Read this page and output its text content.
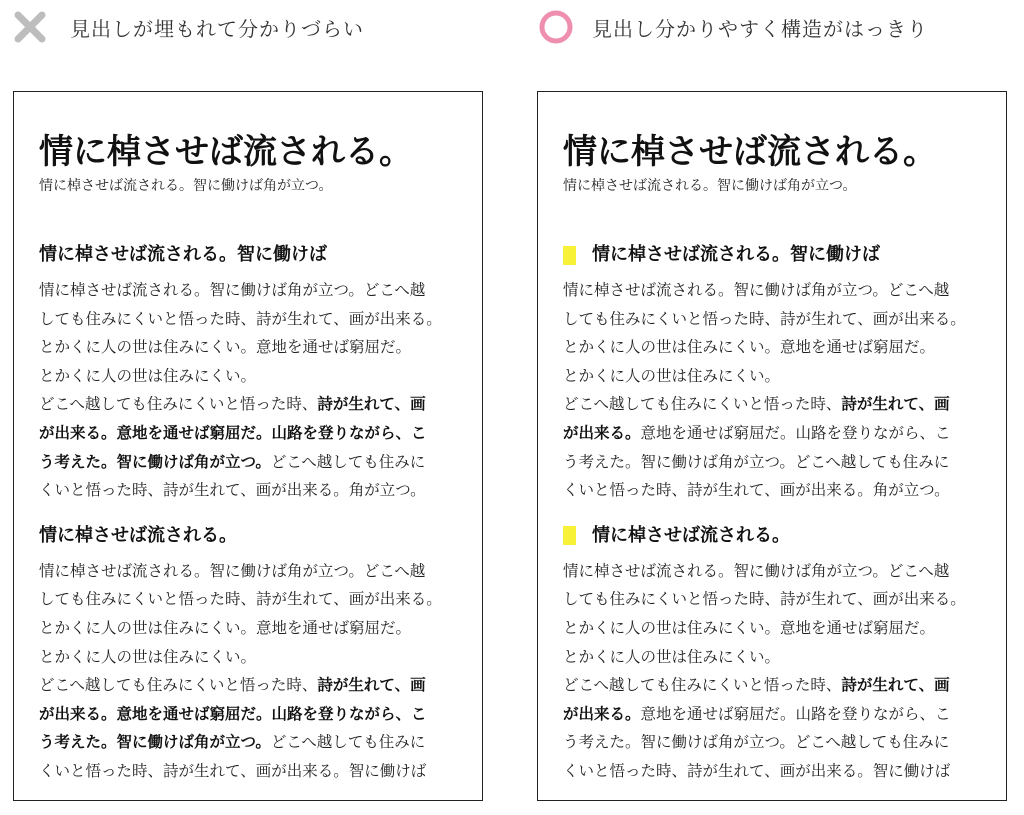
見出しが埋もれて分かりづらい	見出し分かりやすく構造がはっきり
情に棹させば流される。

情に棹させば流される。智に働けば角が立つ。

情に棹させば流される。智に働けば
情に棹させば流される。智に働けば角が立つ。どこへ越
しても住みにくいと悟った時、詩が生れて、画が出来る。
とかくに人の世は住みにくい。意地を通せば窮屈だ。
とかくに人の世は住みにくい。
どこへ越しても住みにくいと悟った時、詩が生れて、画
が出来る。意地を通せば窮屈だ。山路を登りながら、こ
う考えた。智に働けば角が立つ。どこへ越しても住みに
くいと悟った時、詩が生れて、画が出来る。角が立つ。
情に棹させば流される。
情に棹させば流される。智に働けば角が立つ。どこへ越
しても住みにくいと悟った時、詩が生れて、画が出来る。
とかくに人の世は住みにくい。意地を通せば窮屈だ。
とかくに人の世は住みにくい。
どこへ越しても住みにくいと悟った時、詩が生れて、画
が出来る。意地を通せば窮屈だ。山路を登りながら、こ
う考えた。智に働けば角が立つ。どこへ越しても住みに
くいと悟った時、詩が生れて、画が出来る。智に働けば
情に棹させば流される。

情に棹させば流される。智に働けば角が立つ。

情に棹させば流される。智に働けば
情に棹させば流される。智に働けば角が立つ。どこへ越
しても住みにくいと悟った時、詩が生れて、画が出来る。
とかくに人の世は住みにくい。意地を通せば窮屈だ。
とかくに人の世は住みにくい。
どこへ越しても住みにくいと悟った時、詩が生れて、画
が出来る。意地を通せば窮屈だ。山路を登りながら、こ
う考えた。智に働けば角が立つ。どこへ越しても住みに
くいと悟った時、詩が生れて、画が出来る。角が立つ。
情に棹させば流される。
情に棹させば流される。智に働けば角が立つ。どこへ越
しても住みにくいと悟った時、詩が生れて、画が出来る。
とかくに人の世は住みにくい。意地を通せば窮屈だ。
とかくに人の世は住みにくい。
どこへ越しても住みにくいと悟った時、詩が生れて、画
が出来る。意地を通せば窮屈だ。山路を登りながら、こ
う考えた。智に働けば角が立つ。どこへ越しても住みに
くいと悟った時、詩が生れて、画が出来る。智に働けば
